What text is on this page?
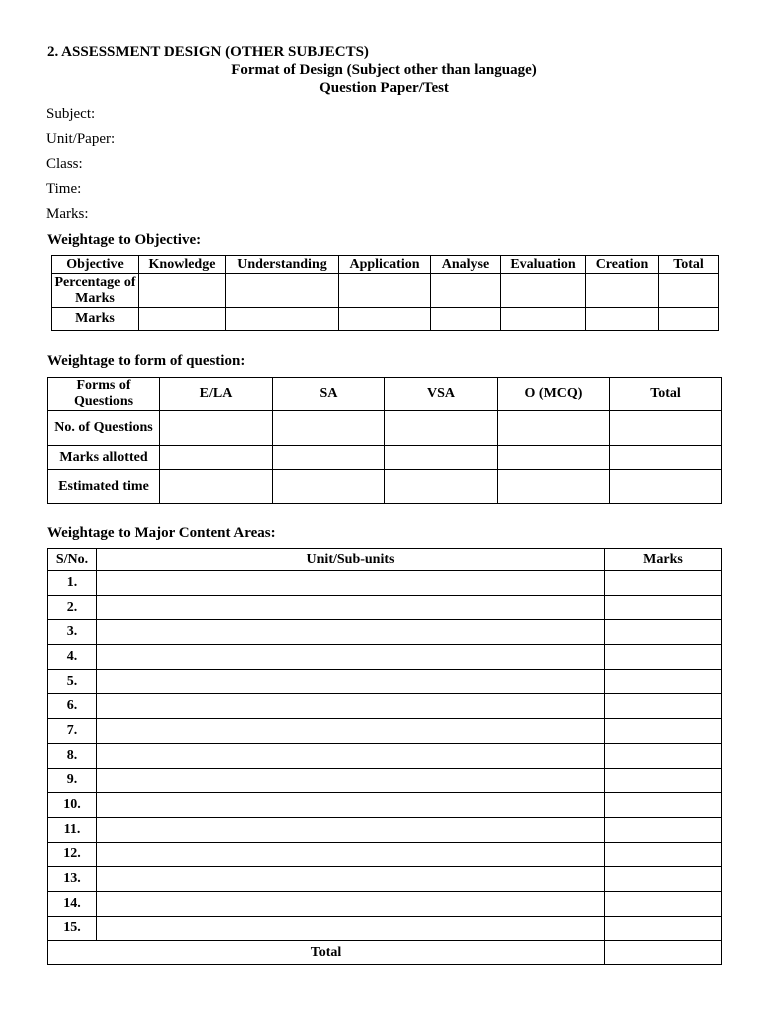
2. ASSESSMENT DESIGN (OTHER SUBJECTS)
Format of Design (Subject other than language)
Question Paper/Test
Subject:
Unit/Paper:
Class:
Time:
Marks:
Weightage to Objective:
Objective	Knowledge	Understanding	Application	Analyse	Evaluation	Creation	Total
Percentage of Marks							
Marks							
Weightage to form of question:
Forms of Questions	E/LA	SA	VSA	O (MCQ)	Total
No. of Questions					
Marks allotted					
Estimated time					
Weightage to Major Content Areas:
S/No.	Unit/Sub-units	Marks
1.		
2.		
3.		
4.		
5.		
6.		
7.		
8.		
9.		
10.		
11.		
12.		
13.		
14.		
15.		
Total		
